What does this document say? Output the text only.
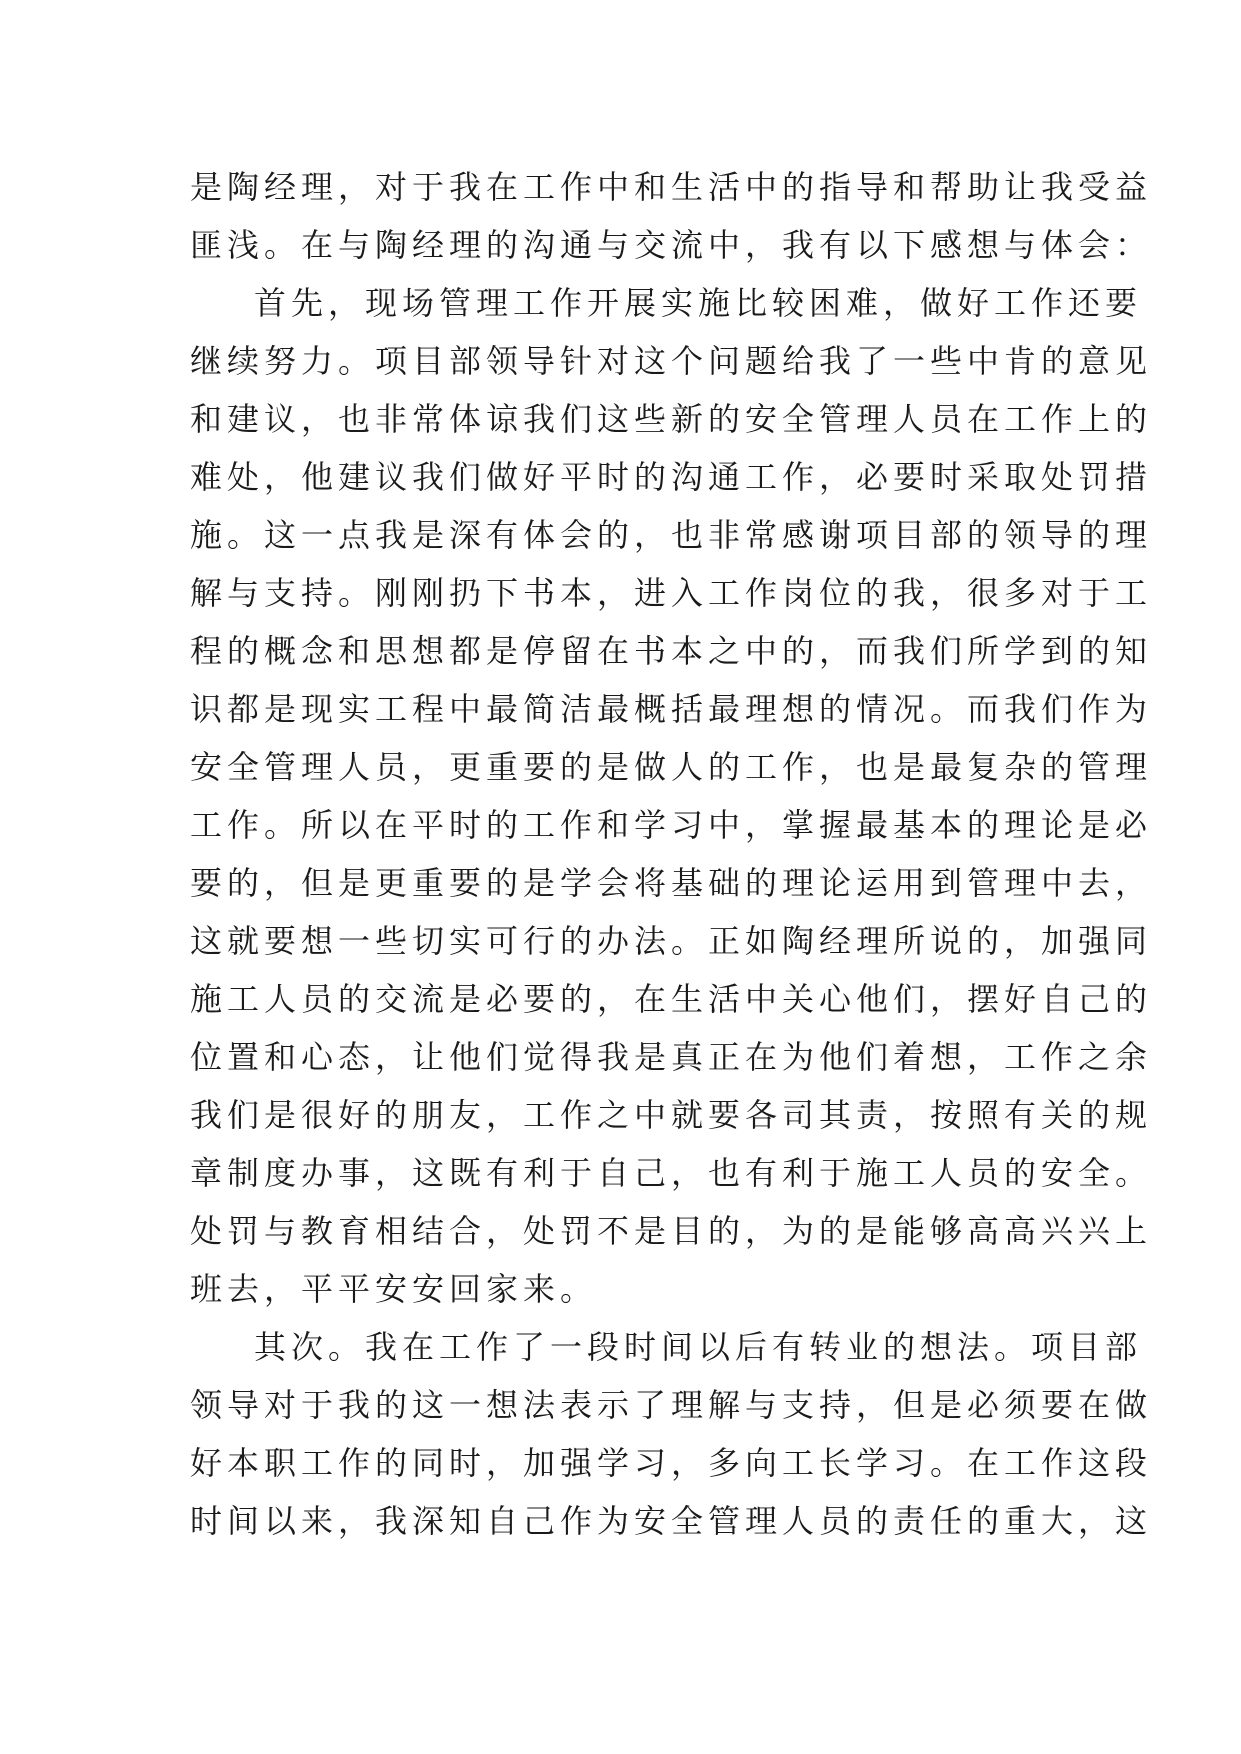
是陶经理，对于我在工作中和生活中的指导和帮助让我受益
匪浅。在与陶经理的沟通与交流中，我有以下感想与体会：
首先，现场管理工作开展实施比较困难，做好工作还要
继续努力。项目部领导针对这个问题给我了一些中肯的意见
和建议，也非常体谅我们这些新的安全管理人员在工作上的
难处，他建议我们做好平时的沟通工作，必要时采取处罚措
施。这一点我是深有体会的，也非常感谢项目部的领导的理
解与支持。刚刚扔下书本，进入工作岗位的我，很多对于工
程的概念和思想都是停留在书本之中的，而我们所学到的知
识都是现实工程中最简洁最概括最理想的情况。而我们作为
安全管理人员，更重要的是做人的工作，也是最复杂的管理
工作。所以在平时的工作和学习中，掌握最基本的理论是必
要的，但是更重要的是学会将基础的理论运用到管理中去，
这就要想一些切实可行的办法。正如陶经理所说的，加强同
施工人员的交流是必要的，在生活中关心他们，摆好自己的
位置和心态，让他们觉得我是真正在为他们着想，工作之余
我们是很好的朋友，工作之中就要各司其责，按照有关的规
章制度办事，这既有利于自己，也有利于施工人员的安全。
处罚与教育相结合，处罚不是目的，为的是能够高高兴兴上
班去，平平安安回家来。
其次。我在工作了一段时间以后有转业的想法。项目部
领导对于我的这一想法表示了理解与支持，但是必须要在做
好本职工作的同时，加强学习，多向工长学习。在工作这段
时间以来，我深知自己作为安全管理人员的责任的重大，这
